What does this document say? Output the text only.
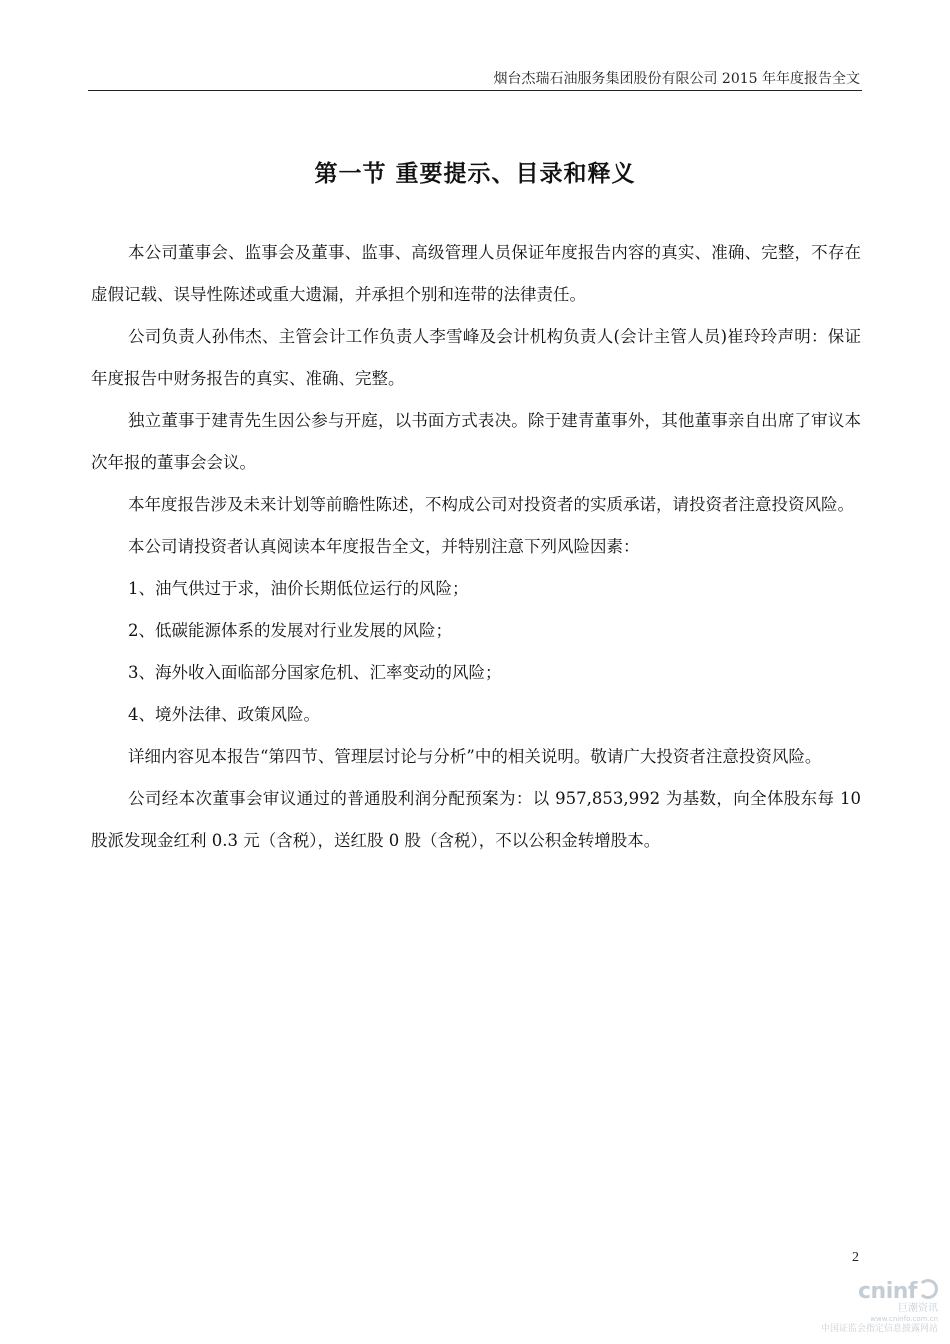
烟台杰瑞石油服务集团股份有限公司 2015 年年度报告全文
第一节 重要提示、目录和释义

本公司董事会、监事会及董事、监事、高级管理人员保证年度报告内容的真实、准确、完整，不存在虚假记载、误导性陈述或重大遗漏，并承担个别和连带的法律责任。

公司负责人孙伟杰、主管会计工作负责人李雪峰及会计机构负责人(会计主管人员)崔玲玲声明：保证年度报告中财务报告的真实、准确、完整。

独立董事于建青先生因公参与开庭，以书面方式表决。除于建青董事外，其他董事亲自出席了审议本次年报的董事会会议。

本年度报告涉及未来计划等前瞻性陈述，不构成公司对投资者的实质承诺，请投资者注意投资风险。

本公司请投资者认真阅读本年度报告全文，并特别注意下列风险因素：

1、油气供过于求，油价长期低位运行的风险；

2、低碳能源体系的发展对行业发展的风险；

3、海外收入面临部分国家危机、汇率变动的风险；

4、境外法律、政策风险。

详细内容见本报告“第四节、管理层讨论与分析”中的相关说明。敬请广大投资者注意投资风险。

公司经本次董事会审议通过的普通股利润分配预案为：以 957,853,992 为基数，向全体股东每 10 股派发现金红利 0.3 元（含税），送红股 0 股（含税），不以公积金转增股本。

2
cninf
巨潮资讯
www.cninfo.com.cn
中国证监会指定信息披露网站
